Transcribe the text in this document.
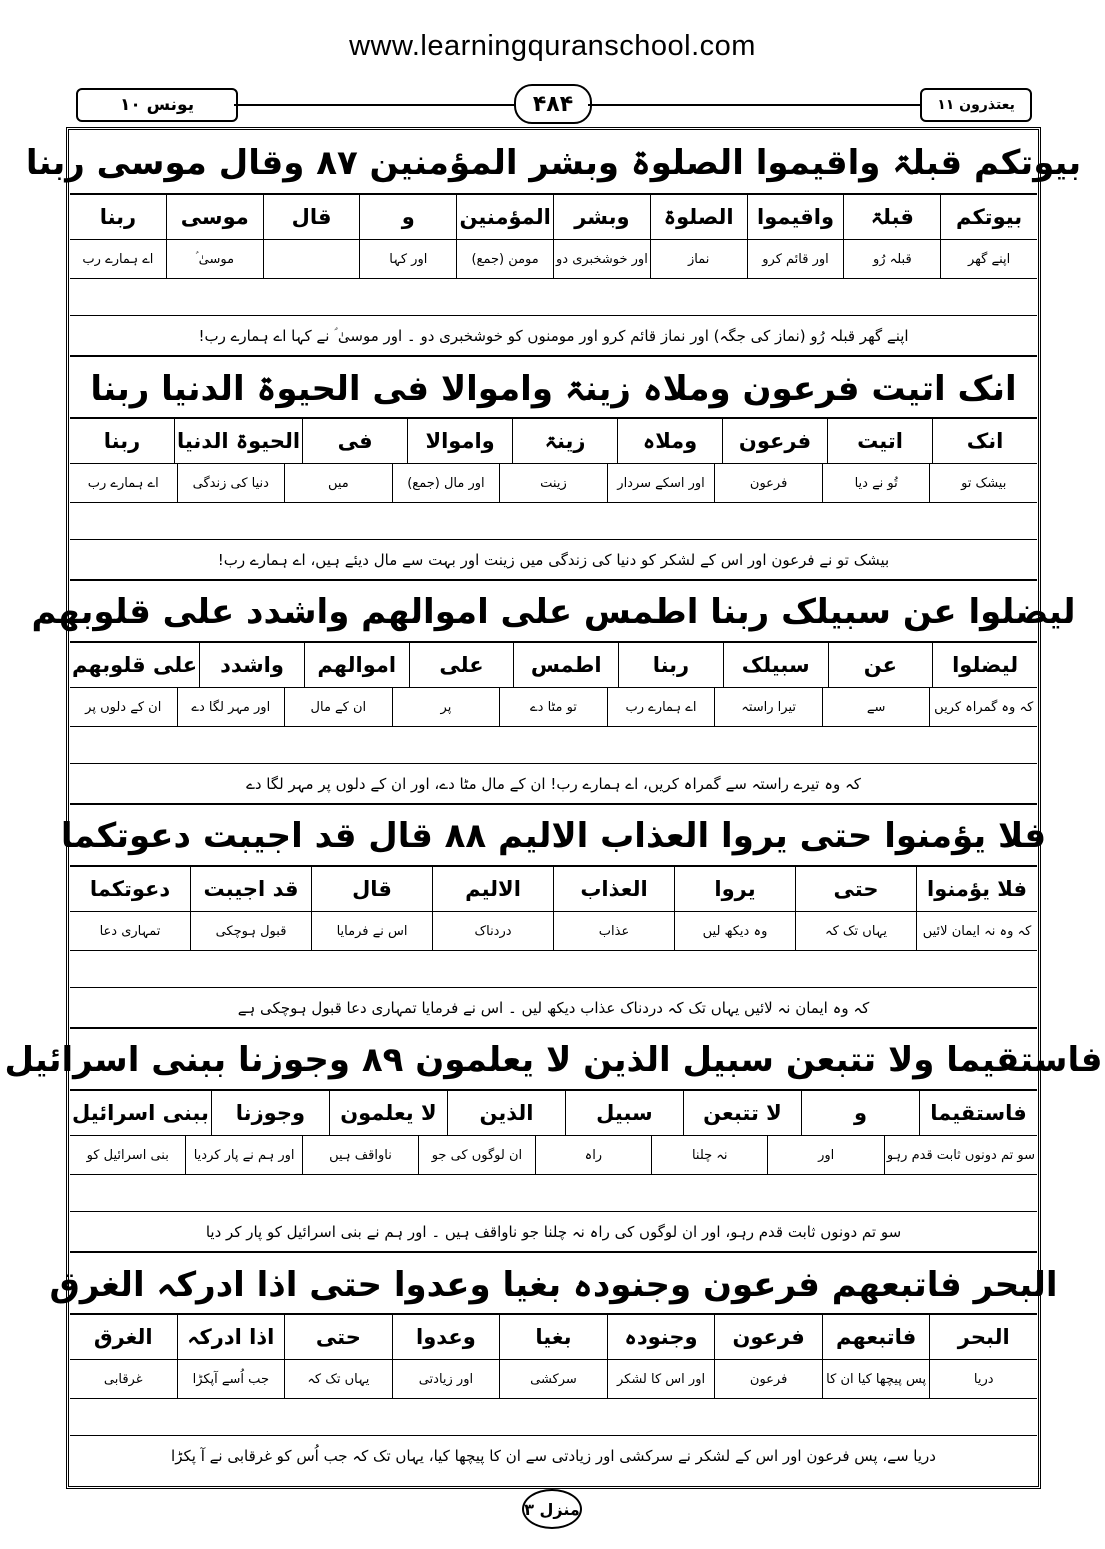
www.learningquranschool.com
یونس ۱۰	۴۸۴	یعتذرون ۱۱
بیوتکم قبلۃ واقیموا الصلوۃ وبشر المؤمنین ۸۷ وقال موسی ربنا
بیوتکم
قبلۃ
واقیموا
الصلوۃ
وبشر
المؤمنین
و
قال
موسی
ربنا
اپنے گھر
قبلہ رُو
اور قائم کرو
نماز
اور خوشخبری دو
مومن (جمع)
اور کہا
موسیٰ ؑ
اے ہمارے رب
اپنے گھر قبلہ رُو (نماز کی جگہ) اور نماز قائم کرو اور مومنوں کو خوشخبری دو ۔ اور موسیٰ ؑ نے کہا اے ہمارے رب!
انک اتیت فرعون وملاہ زینۃ واموالا فی الحیوۃ الدنیا ربنا
انک
اتیت
فرعون
وملاہ
زینۃ
واموالا
فی
الحیوۃ الدنیا
ربنا
بیشک تو
تُو نے دیا
فرعون
اور اسکے سردار
زینت
اور مال (جمع)
میں
دنیا کی زندگی
اے ہمارے رب
بیشک تو نے فرعون اور اس کے لشکر کو دنیا کی زندگی میں زینت اور بہت سے مال دیئے ہیں، اے ہمارے رب!
لیضلوا عن سبیلک ربنا اطمس علی اموالھم واشدد علی قلوبھم
لیضلوا
عن
سبیلک
ربنا
اطمس
علی
اموالھم
واشدد
علی قلوبھم
کہ وہ گمراہ کریں
سے
تیرا راستہ
اے ہمارے رب
تو مٹا دے
پر
ان کے مال
اور مہر لگا دے
ان کے دلوں پر
کہ وہ تیرے راستہ سے گمراہ کریں، اے ہمارے رب! ان کے مال مٹا دے، اور ان کے دلوں پر مہر لگا دے
فلا یؤمنوا حتی یروا العذاب الالیم ۸۸ قال قد اجیبت دعوتکما
فلا یؤمنوا
حتی
یروا
العذاب
الالیم
قال
قد اجیبت
دعوتکما
کہ وہ نہ ایمان لائیں
یہاں تک کہ
وہ دیکھ لیں
عذاب
دردناک
اس نے فرمایا
قبول ہوچکی
تمہاری دعا
کہ وہ ایمان نہ لائیں یہاں تک کہ دردناک عذاب دیکھ لیں ۔ اس نے فرمایا تمہاری دعا قبول ہوچکی ہے
فاستقیما ولا تتبعن سبیل الذین لا یعلمون ۸۹ وجوزنا ببنی اسرائیل
فاستقیما
و
لا تتبعن
سبیل
الذین
لا یعلمون
وجوزنا
ببنی اسرائیل
سو تم دونوں ثابت قدم رہو
اور
نہ چلنا
راہ
ان لوگوں کی جو
ناواقف ہیں
اور ہم نے پار کردیا
بنی اسرائیل کو
سو تم دونوں ثابت قدم رہو، اور ان لوگوں کی راہ نہ چلنا جو ناواقف ہیں ۔ اور ہم نے بنی اسرائیل کو پار کر دیا
البحر فاتبعھم فرعون وجنودہ بغیا وعدوا حتی اذا ادرکہ الغرق
البحر
فاتبعھم
فرعون
وجنودہ
بغیا
وعدوا
حتی
اذا ادرکہ
الغرق
دریا
پس پیچھا کیا ان کا
فرعون
اور اس کا لشکر
سرکشی
اور زیادتی
یہاں تک کہ
جب اُسے آپکڑا
غرقابی
دریا سے، پس فرعون اور اس کے لشکر نے سرکشی اور زیادتی سے ان کا پیچھا کیا، یہاں تک کہ جب اُس کو غرقابی نے آ پکڑا
منزل ۳
